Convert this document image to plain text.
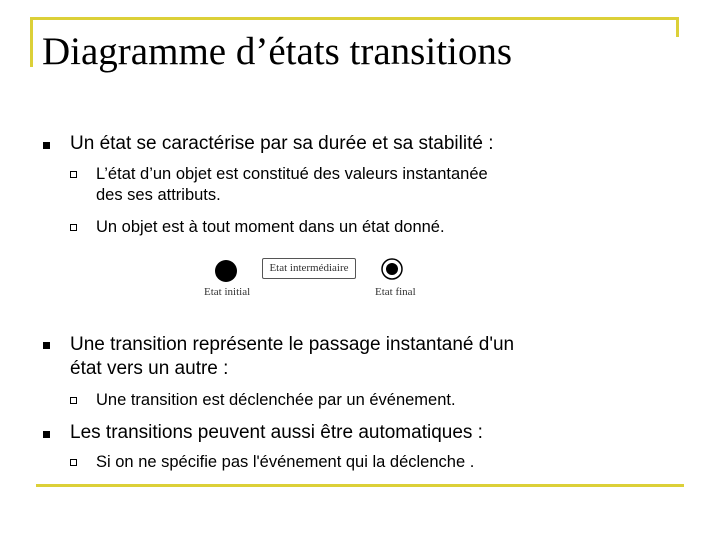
Diagramme d’états transitions
Un état se caractérise par sa durée et sa stabilité :
L’état d’un objet est constitué des valeurs instantanée
des ses attributs.
Un objet est à tout moment dans un état donné.
Etat initial
Etat intermédiaire
Etat final
Une transition représente le passage instantané d'un
état vers un autre :
Une transition est déclenchée par un événement.
Les transitions peuvent aussi être automatiques :
Si on ne spécifie pas l'événement qui la déclenche .
